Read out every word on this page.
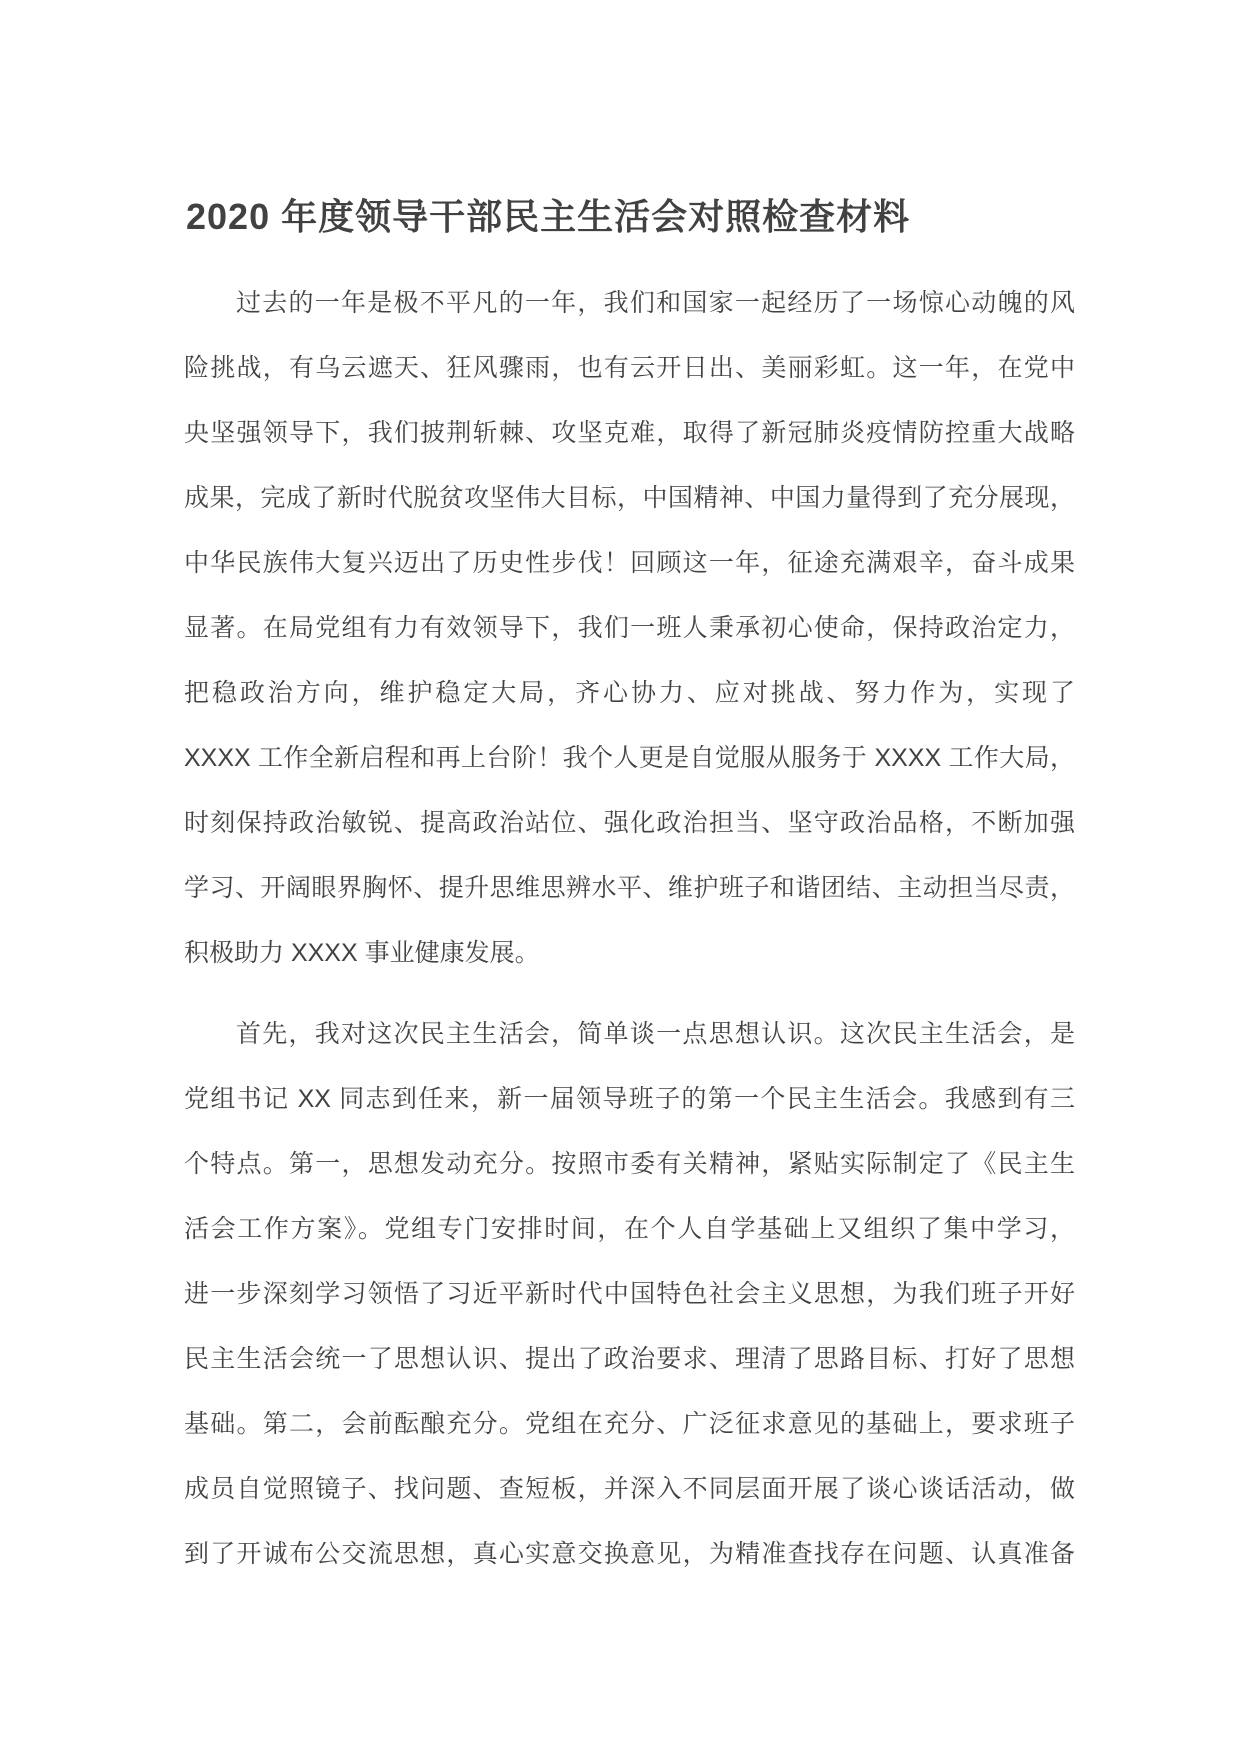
2020 年度领导干部民主生活会对照检查材料
过去的一年是极不平凡的一年，我们和国家一起经历了一场惊心动魄的风
险挑战，有乌云遮天、狂风骤雨，也有云开日出、美丽彩虹。这一年，在党中
央坚强领导下，我们披荆斩棘、攻坚克难，取得了新冠肺炎疫情防控重大战略
成果，完成了新时代脱贫攻坚伟大目标，中国精神、中国力量得到了充分展现，
中华民族伟大复兴迈出了历史性步伐！回顾这一年，征途充满艰辛，奋斗成果
显著。在局党组有力有效领导下，我们一班人秉承初心使命，保持政治定力，
把稳政治方向，维护稳定大局，齐心协力、应对挑战、努力作为，实现了
XXXX 工作全新启程和再上台阶！我个人更是自觉服从服务于 XXXX 工作大局，
时刻保持政治敏锐、提高政治站位、强化政治担当、坚守政治品格，不断加强
学习、开阔眼界胸怀、提升思维思辨水平、维护班子和谐团结、主动担当尽责，
积极助力 XXXX 事业健康发展。
首先，我对这次民主生活会，简单谈一点思想认识。这次民主生活会，是
党组书记 XX 同志到任来，新一届领导班子的第一个民主生活会。我感到有三
个特点。第一，思想发动充分。按照市委有关精神，紧贴实际制定了《民主生
活会工作方案》。党组专门安排时间，在个人自学基础上又组织了集中学习，
进一步深刻学习领悟了习近平新时代中国特色社会主义思想，为我们班子开好
民主生活会统一了思想认识、提出了政治要求、理清了思路目标、打好了思想
基础。第二，会前酝酿充分。党组在充分、广泛征求意见的基础上，要求班子
成员自觉照镜子、找问题、查短板，并深入不同层面开展了谈心谈话活动，做
到了开诚布公交流思想，真心实意交换意见，为精准查找存在问题、认真准备
